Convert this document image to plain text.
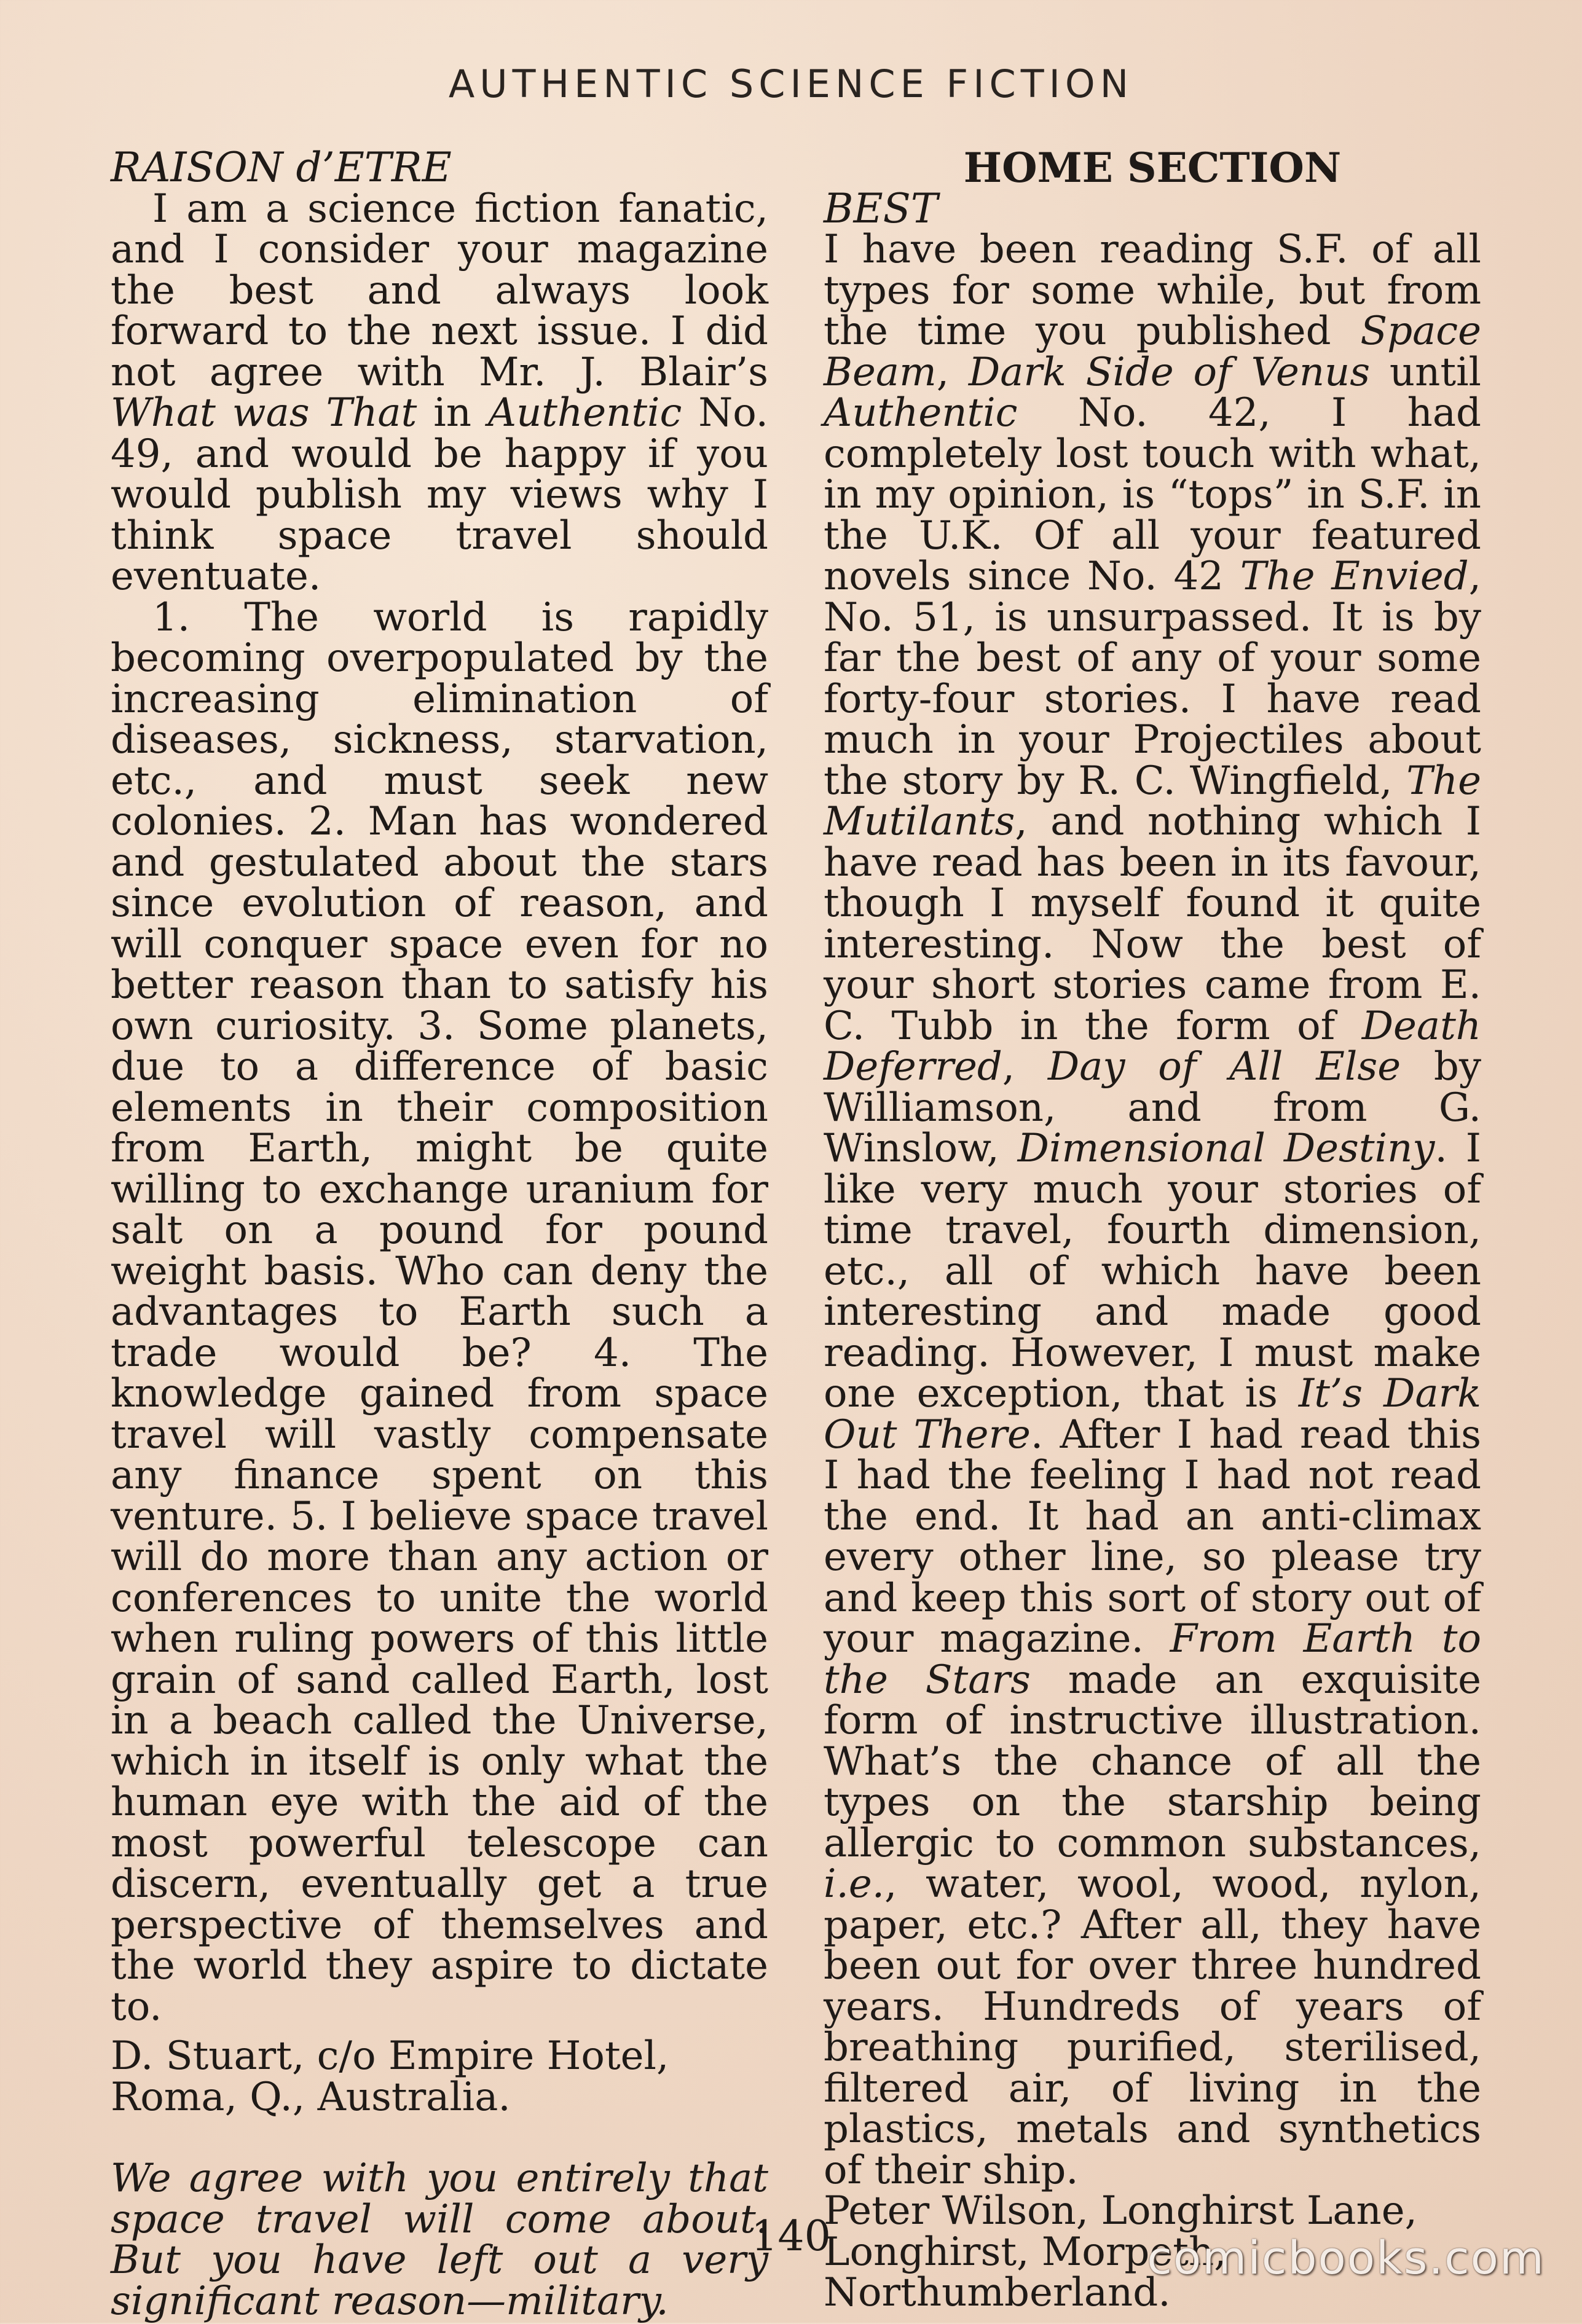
AUTHENTIC SCIENCE FICTION

RAISON d’ETRE

I am a science fiction fanatic, and I consider your magazine the best and always look forward to the next issue. I did not agree with Mr. J. Blair’s What was That in Authentic No. 49, and would be happy if you would publish my views why I think space travel should eventuate.

1. The world is rapidly becoming overpopulated by the increasing elimination of diseases, sickness, starvation, etc., and must seek new colonies. 2. Man has wondered and gestulated about the stars since evolution of reason, and will conquer space even for no better reason than to satisfy his own curiosity. 3. Some planets, due to a difference of basic elements in their composition from Earth, might be quite willing to exchange uranium for salt on a pound for pound weight basis. Who can deny the advantages to Earth such a trade would be? 4. The knowledge gained from space travel will vastly compensate any finance spent on this venture. 5. I believe space travel will do more than any action or conferences to unite the world when ruling powers of this little grain of sand called Earth, lost in a beach called the Universe, which in itself is only what the human eye with the aid of the most powerful telescope can discern, eventually get a true perspective of themselves and the world they aspire to dictate to.

D. Stuart, c/o Empire Hotel,
Roma, Q., Australia.

We agree with you entirely that space travel will come about. But you have left out a very significant reason—military.

HOME SECTION

BEST

I have been reading S.F. of all types for some while, but from the time you published Space Beam, Dark Side of Venus until Authentic No. 42, I had completely lost touch with what, in my opinion, is “tops” in S.F. in the U.K. Of all your featured novels since No. 42 The Envied, No. 51, is unsurpassed. It is by far the best of any of your some forty-four stories. I have read much in your Projectiles about the story by R. C. Wingfield, The Mutilants, and nothing which I have read has been in its favour, though I myself found it quite interesting. Now the best of your short stories came from E. C. Tubb in the form of Death Deferred, Day of All Else by Williamson, and from G. Winslow, Dimensional Destiny. I like very much your stories of time travel, fourth dimension, etc., all of which have been interesting and made good reading. However, I must make one exception, that is It’s Dark Out There. After I had read this I had the feeling I had not read the end. It had an anti-climax every other line, so please try and keep this sort of story out of your magazine. From Earth to the Stars made an exquisite form of instructive illustration. What’s the chance of all the types on the starship being allergic to common substances, i.e., water, wool, wood, nylon, paper, etc.? After all, they have been out for over three hundred years. Hundreds of years of breathing purified, sterilised, filtered air, of living in the plastics, metals and synthetics of their ship.

Peter Wilson, Longhirst Lane,
Longhirst, Morpeth,
Northumberland.

140	comicbooks.com
